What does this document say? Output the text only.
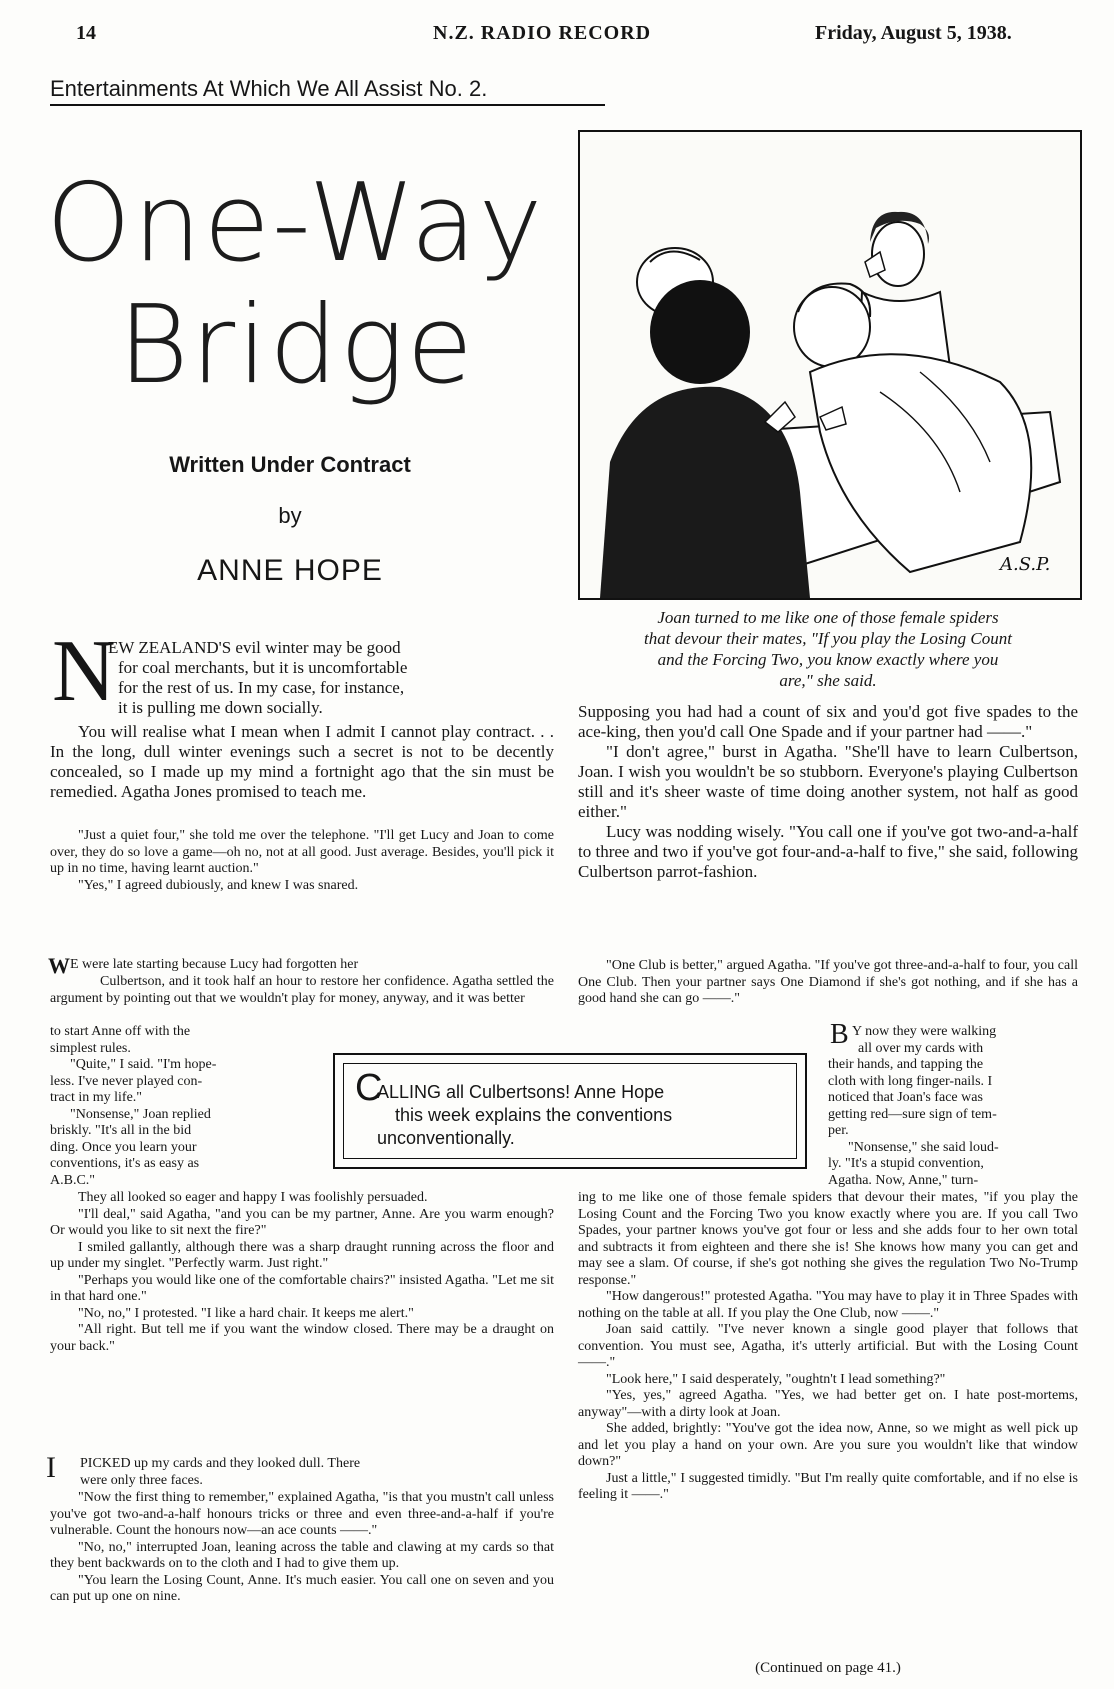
14	N.Z. RADIO RECORD	Friday, August 5, 1938.
Entertainments At Which We All Assist No. 2.
One-Way
Bridge
Written Under Contract
by
ANNE HOPE	A.S.P.
Joan turned to me like one of those female spiders
that devour their mates, "If you play the Losing Count
and the Forcing Two, you know exactly where you
are," she said.
N
EW ZEALAND'S evil winter may be good
for coal merchants, but it is uncomfortable
for the rest of us. In my case, for instance,
it is pulling me down socially.

You will realise what I mean when I admit I cannot play contract. . . In the long, dull winter evenings such a secret is not to be decently concealed, so I made up my mind a fortnight ago that the sin must be remedied. Agatha Jones promised to teach me.

"Just a quiet four," she told me over the telephone. "I'll get Lucy and Joan to come over, they do so love a game—oh no, not at all good. Just average. Besides, you'll pick it up in no time, having learnt auction."

"Yes," I agreed dubiously, and knew I was snared.

W E were late starting because Lucy had forgotten her

Culbertson, and it took half an hour to restore her confidence. Agatha settled the argument by pointing out that we wouldn't play for money, anyway, and it was better

to start Anne off with the
simplest rules.
"Quite," I said. "I'm hope-
less. I've never played con-
tract in my life."
"Nonsense," Joan replied
briskly. "It's all in the bid
ding. Once you learn your
conventions, it's as easy as
A.B.C."

They all looked so eager and happy I was foolishly persuaded.

"I'll deal," said Agatha, "and you can be my partner, Anne. Are you warm enough? Or would you like to sit next the fire?"

I smiled gallantly, although there was a sharp draught running across the floor and up under my singlet. "Perfectly warm. Just right."

"Perhaps you would like one of the comfortable chairs?" insisted Agatha. "Let me sit in that hard one."

"No, no," I protested. "I like a hard chair. It keeps me alert."

"All right. But tell me if you want the window closed. There may be a draught on your back."

I PICKED up my cards and they looked dull. There
were only three faces.

"Now the first thing to remember," explained Agatha, "is that you mustn't call unless you've got two-and-a-half honours tricks or three and even three-and-a-half if you're vulnerable. Count the honours now—an ace counts ——."

"No, no," interrupted Joan, leaning across the table and clawing at my cards so that they bent backwards on to the cloth and I had to give them up.

"You learn the Losing Count, Anne. It's much easier. You call one on seven and you can put up one on nine.

Supposing you had had a count of six and you'd got five spades to the ace-king, then you'd call One Spade and if your partner had ——."

"I don't agree," burst in Agatha. "She'll have to learn Culbertson, Joan. I wish you wouldn't be so stubborn. Everyone's playing Culbertson still and it's sheer waste of time doing another system, not half as good either."

Lucy was nodding wisely. "You call one if you've got two-and-a-half to three and two if you've got four-and-a-half to five," she said, following Culbertson parrot-fashion.

"One Club is better," argued Agatha. "If you've got three-and-a-half to four, you call One Club. Then your partner says One Diamond if she's got nothing, and if she has a good hand she can go ——."

B Y now they were walking
all over my cards with
their hands, and tapping the
cloth with long finger-nails. I
noticed that Joan's face was
getting red—sure sign of tem-
per.
"Nonsense," she said loud-
ly. "It's a stupid convention,
Agatha. Now, Anne," turn-

ing to me like one of those female spiders that devour their mates, "if you play the Losing Count and the Forcing Two you know exactly where you are. If you call Two Spades, your partner knows you've got four or less and she adds four to her own total and subtracts it from eighteen and there she is! She knows how many you can get and may see a slam. Of course, if she's got nothing she gives the regulation Two No-Trump response."

"How dangerous!" protested Agatha. "You may have to play it in Three Spades with nothing on the table at all. If you play the One Club, now ——."

Joan said cattily. "I've never known a single good player that follows that convention. You must see, Agatha, it's utterly artificial. But with the Losing Count ——."

"Look here," I said desperately, "oughtn't I lead something?"

"Yes, yes," agreed Agatha. "Yes, we had better get on. I hate post-mortems, anyway"—with a dirty look at Joan.

She added, brightly: "You've got the idea now, Anne, so we might as well pick up and let you play a hand on your own. Are you sure you wouldn't like that window down?"

Just a little," I suggested timidly. "But I'm really quite comfortable, and if no else is feeling it ——."

(Continued on page 41.)
C
ALLING all Culbertsons! Anne Hope
this week explains the conventions
unconventionally.
